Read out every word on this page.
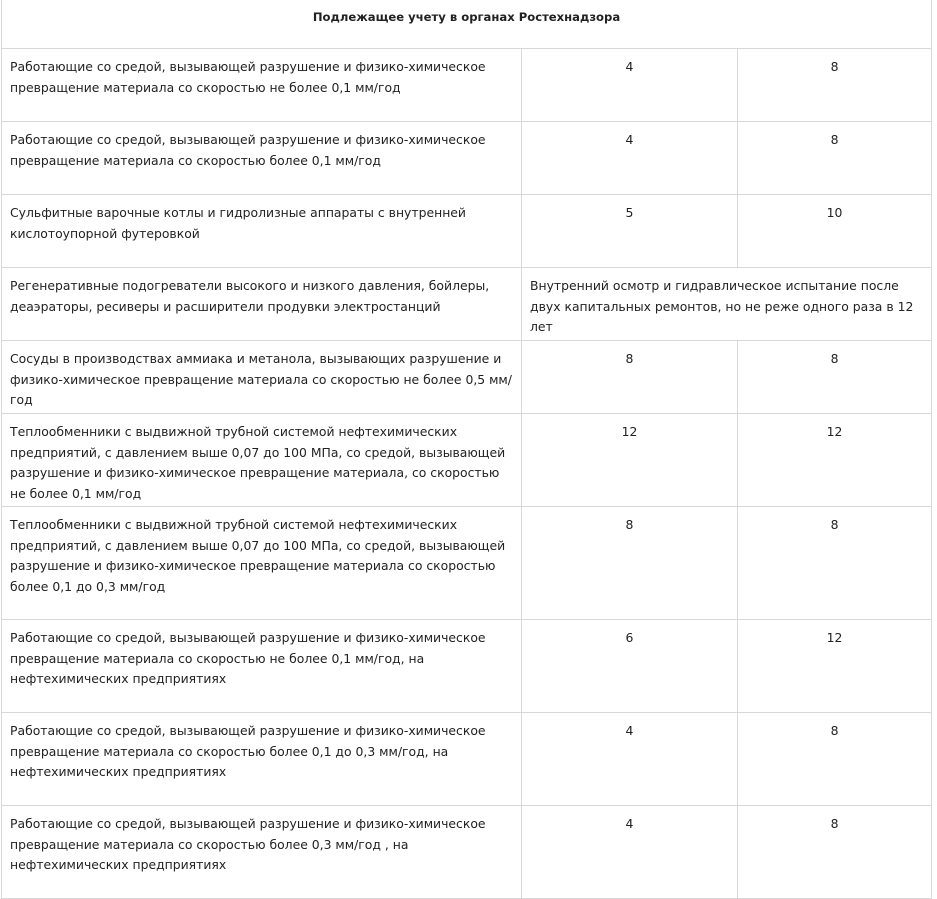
Подлежащее учету в органах Ростехнадзора		
Работающие со средой, вызывающей разрушение и физико-химическое превращение материала со скоростью не более 0,1 мм/год	4	8
Работающие со средой, вызывающей разрушение и физико-химическое превращение материала со скоростью более 0,1 мм/год	4	8
Сульфитные варочные котлы и гидролизные аппараты с внутренней кислотоупорной футеровкой	5	10
Регенеративные подогреватели высокого и низкого давления, бойлеры, деаэраторы, ресиверы и расширители продувки электростанций	Внутренний осмотр и гидравлическое испытание после двух капитальных ремонтов, но не реже одного раза в 12 лет	
Сосуды в производствах аммиака и метанола, вызывающих разрушение и физико-химическое превращение материала со скоростью не более 0,5 мм/год	8	8
Теплообменники с выдвижной трубной системой нефтехимических предприятий, с давлением выше 0,07 до 100 МПа, со средой, вызывающей разрушение и физико-химическое превращение материала, со скоростью не более 0,1 мм/год	12	12
Теплообменники с выдвижной трубной системой нефтехимических предприятий, с давлением выше 0,07 до 100 МПа, со средой, вызывающей разрушение и физико-химическое превращение материала со скоростью более 0,1 до 0,3 мм/год	8	8
Работающие со средой, вызывающей разрушение и физико-химическое превращение материала со скоростью не более 0,1 мм/год, на нефтехимических предприятиях	6	12
Работающие со средой, вызывающей разрушение и физико-химическое превращение материала со скоростью более 0,1 до 0,3 мм/год, на нефтехимических предприятиях	4	8
Работающие со средой, вызывающей разрушение и физико-химическое превращение материала со скоростью более 0,3 мм/год , на нефтехимических предприятиях	4	8
